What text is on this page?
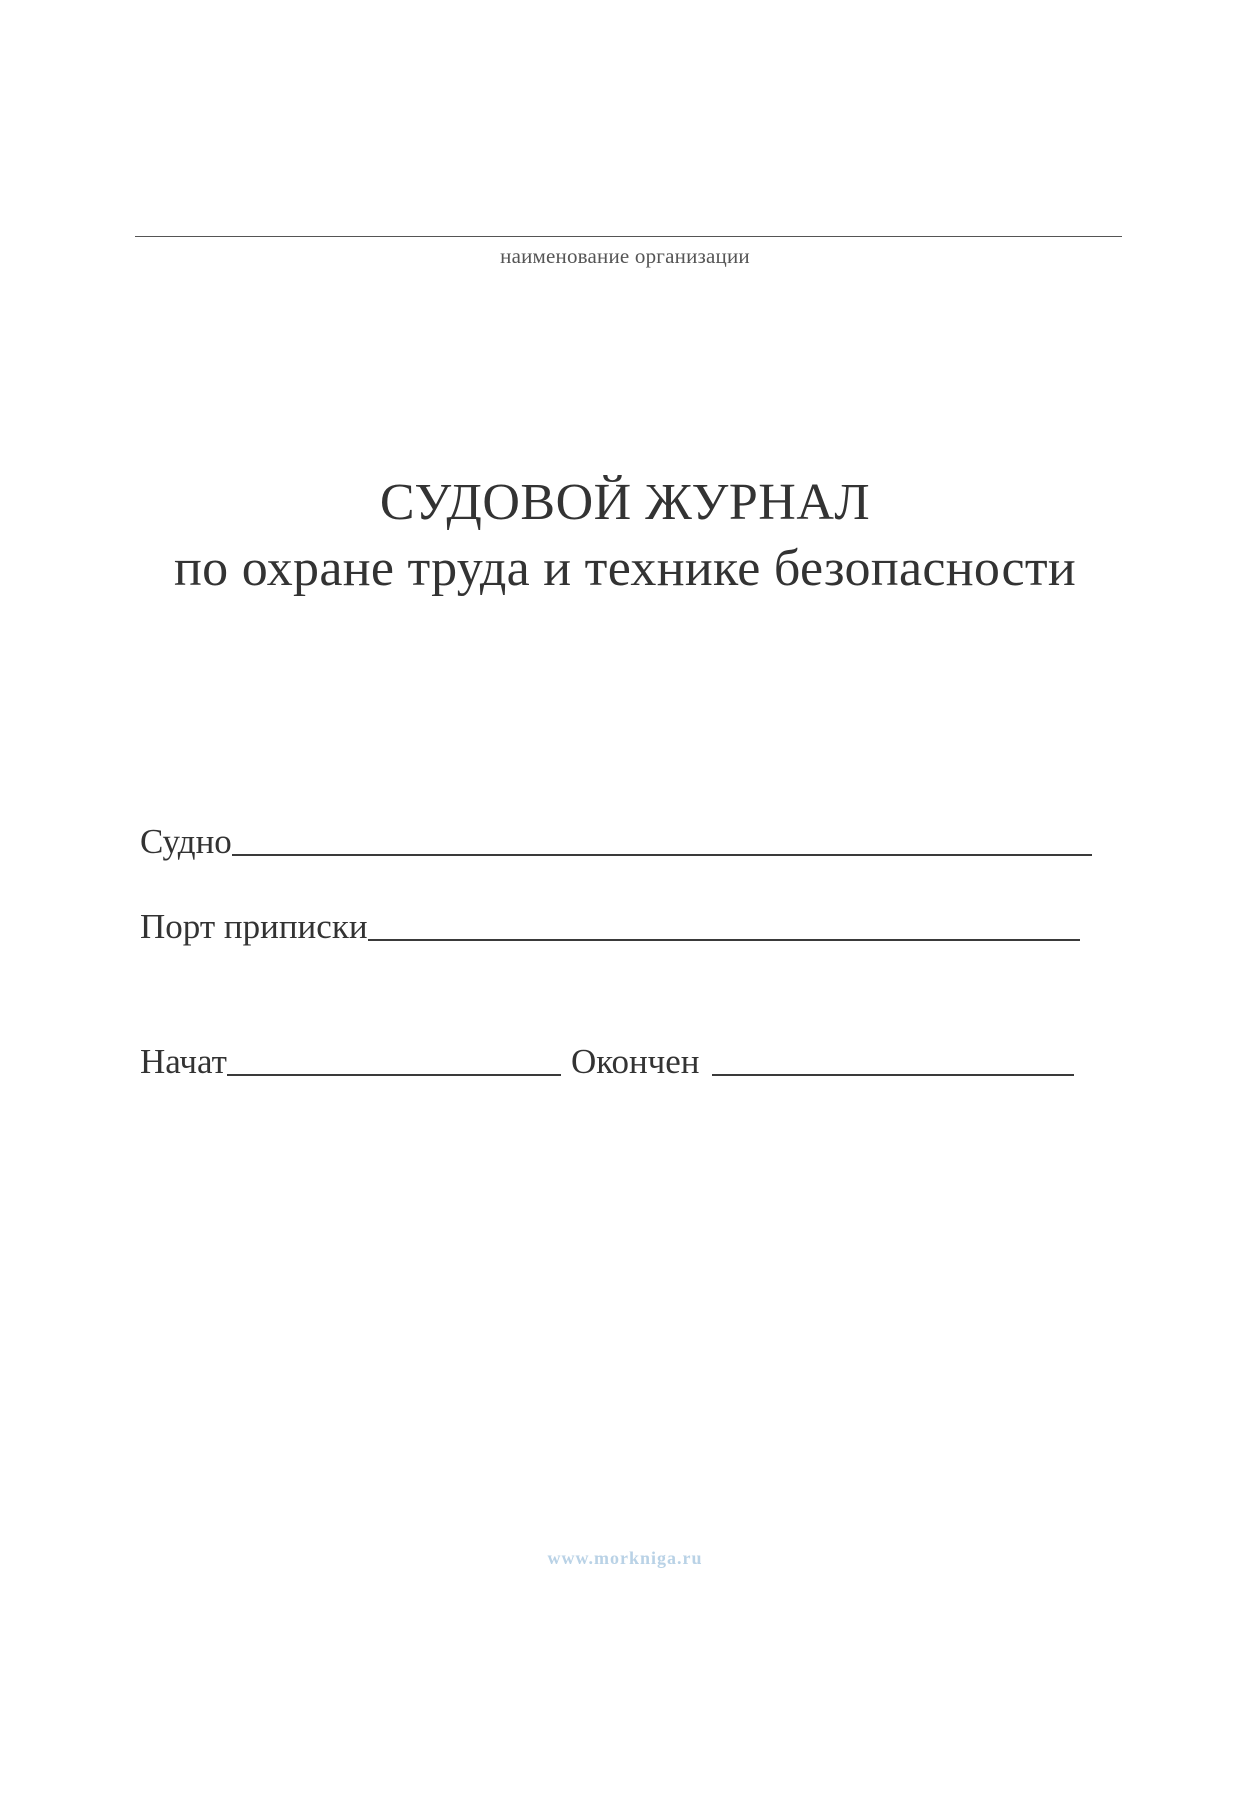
наименование организации
СУДОВОЙ ЖУРНАЛ
по охране труда и технике безопасности
Судно
Порт приписки
Начат	Окончен
www.morkniga.ru
